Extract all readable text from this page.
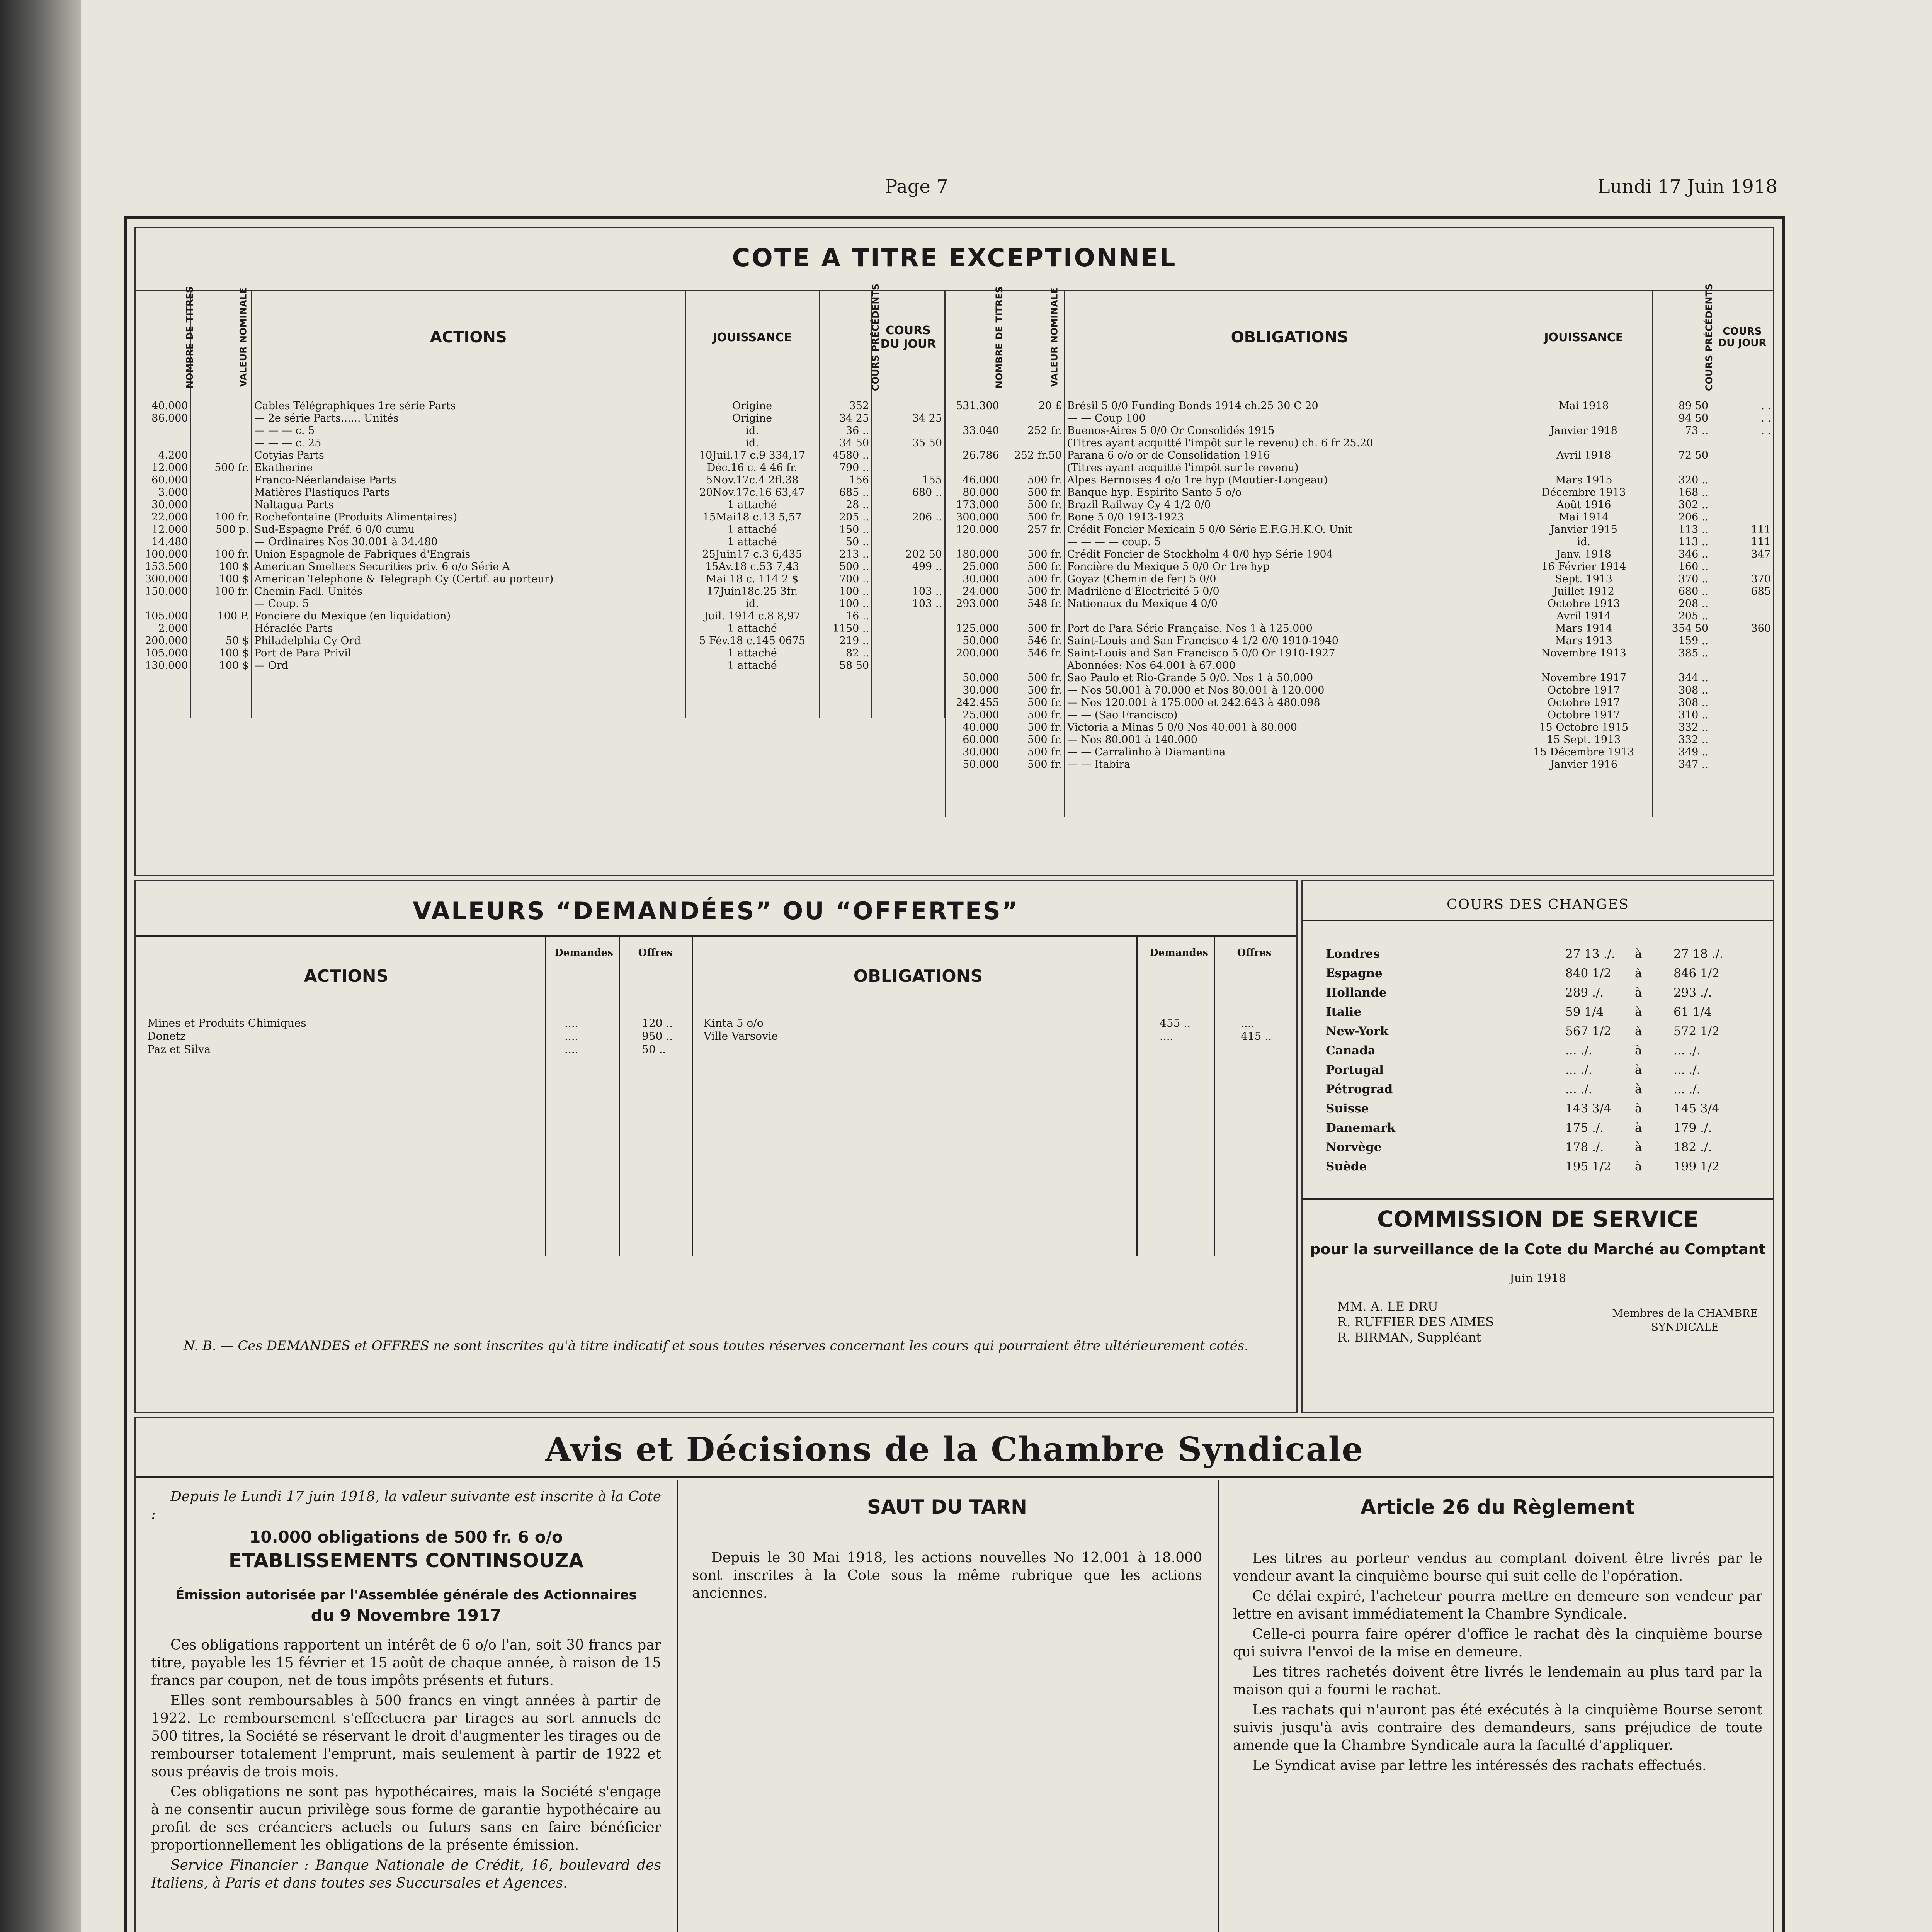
Page 7	Lundi 17 Juin 1918
COTE A TITRE EXCEPTIONNEL
NOMBRE DE TITRES	VALEUR NOMINALE	ACTIONS	JOUISSANCE	COURS PRÉCÉDENTS	COURS DU JOUR
40.000		Cables Télégraphiques 1re série Parts	Origine	352	
86.000		— 2e série Parts...... Unités	Origine	34 25	34 25
		— — — c. 5	id.	36 ..	
		— — — c. 25	id.	34 50	35 50
4.200		Cotyias Parts	10Juil.17 c.9 334,17	4580 ..	
12.000	500 fr.	Ekatherine	Déc.16 c. 4 46 fr.	790 ..	
60.000		Franco-Néerlandaise Parts	5Nov.17c.4 2fl.38	156	155
3.000		Matières Plastiques Parts	20Nov.17c.16 63,47	685 ..	680 ..
30.000		Naltagua Parts	1 attaché	28 ..	
22.000	100 fr.	Rochefontaine (Produits Alimentaires)	15Mai18 c.13 5,57	205 ..	206 ..
12.000	500 p.	Sud-Espagne Préf. 6 0/0 cumu	1 attaché	150 ..	
14.480		— Ordinaires Nos 30.001 à 34.480	1 attaché	50 ..	
100.000	100 fr.	Union Espagnole de Fabriques d'Engrais	25Juin17 c.3 6,435	213 ..	202 50

153.500	100 $	American Smelters Securities priv. 6 o/o Série A	15Av.18 c.53 7,43	500 ..	499 ..
300.000	100 $	American Telephone & Telegraph Cy (Certif. au porteur)	Mai 18 c. 114 2 $	700 ..	
150.000	100 fr.	Chemin Fadl. Unités	17Juin18c.25 3fr.	100 ..	103 ..
		— Coup. 5	id.	100 ..	103 ..
105.000	100 P.	Fonciere du Mexique (en liquidation)	Juil. 1914 c.8 8,97	16 ..	
2.000		Héraclée Parts	1 attaché	1150 ..	
200.000	50 $	Philadelphia Cy Ord	5 Fév.18 c.145 0675	219 ..	
105.000	100 $	Port de Para Privil	1 attaché	82 ..	
130.000	100 $	— Ord	1 attaché	58 50	

NOMBRE DE TITRES	VALEUR NOMINALE	OBLIGATIONS	JOUISSANCE	COURS PRÉCÉDENTS	COURS DU JOUR
531.300	20 £	Brésil 5 0/0 Funding Bonds 1914 ch.25 30 C 20	Mai 1918	89 50	. .
		— — Coup 100		94 50	. .
33.040	252 fr.	Buenos-Aires 5 0/0 Or Consolidés 1915	Janvier 1918	73 ..	. .
		(Titres ayant acquitté l'impôt sur le revenu) ch. 6 fr 25.20			
26.786	252 fr.50	Parana 6 o/o or de Consolidation 1916	Avril 1918	72 50	
		(Titres ayant acquitté l'impôt sur le revenu)			
46.000	500 fr.	Alpes Bernoises 4 o/o 1re hyp (Moutier-Longeau)	Mars 1915	320 ..	
80.000	500 fr.	Banque hyp. Espirito Santo 5 o/o	Décembre 1913	168 ..	
173.000	500 fr.	Brazil Railway Cy 4 1/2 0/0	Août 1916	302 ..	
300.000	500 fr.	Bone 5 0/0 1913-1923	Mai 1914	206 ..	
120.000	257 fr.	Crédit Foncier Mexicain 5 0/0 Série E.F.G.H.K.O. Unit	Janvier 1915	113 ..	111
		— — — — coup. 5	id.	113 ..	111
180.000	500 fr.	Crédit Foncier de Stockholm 4 0/0 hyp Série 1904	Janv. 1918	346 ..	347
25.000	500 fr.	Foncière du Mexique 5 0/0 Or 1re hyp	16 Février 1914	160 ..	
30.000	500 fr.	Goyaz (Chemin de fer) 5 0/0	Sept. 1913	370 ..	370
24.000	500 fr.	Madrilène d'Électricité 5 0/0	Juillet 1912	680 ..	685
293.000	548 fr.	Nationaux du Mexique 4 0/0	Octobre 1913	208 ..	
			Avril 1914	205 ..	
125.000	500 fr.	Port de Para Série Française. Nos 1 à 125.000	Mars 1914	354 50	360
50.000	546 fr.	Saint-Louis and San Francisco 4 1/2 0/0 1910-1940	Mars 1913	159 ..	
200.000	546 fr.	Saint-Louis and San Francisco 5 0/0 Or 1910-1927	Novembre 1913	385 ..	
		Abonnées: Nos 64.001 à 67.000			
50.000	500 fr.	Sao Paulo et Rio-Grande 5 0/0. Nos 1 à 50.000	Novembre 1917	344 ..	
30.000	500 fr.	— Nos 50.001 à 70.000 et Nos 80.001 à 120.000	Octobre 1917	308 ..	
242.455	500 fr.	— Nos 120.001 à 175.000 et 242.643 à 480.098	Octobre 1917	308 ..	
25.000	500 fr.	— — (Sao Francisco)	Octobre 1917	310 ..	
40.000	500 fr.	Victoria a Minas 5 0/0 Nos 40.001 à 80.000	15 Octobre 1915	332 ..	
60.000	500 fr.	— Nos 80.001 à 140.000	15 Sept. 1913	332 ..	
30.000	500 fr.	— — Carralinho à Diamantina	15 Décembre 1913	349 ..	
50.000	500 fr.	— — Itabira	Janvier 1916	347 ..	

VALEURS “DEMANDÉES” OU “OFFERTES”
ACTIONS
Demandes	Offres
Mines et Produits Chimiques	....	120 ..
Donetz	....	950 ..
Paz et Silva	....	50 ..
OBLIGATIONS
Demandes	Offres
Kinta 5 o/o	455 ..	....
Ville Varsovie	....	415 ..
N. B. — Ces DEMANDES et OFFRES ne sont inscrites qu'à titre indicatif et sous toutes réserves concernant les cours qui pourraient être ultérieurement cotés.
COURS DES CHANGES
Londres	27 13 ./. à	27 18 ./.
Espagne	840 1/2 à	846 1/2
Hollande	289 ./.	à	293 ./.
Italie	59 1/4	à	61 1/4
New-York	567 1/2 à	572 1/2
Canada	... ./.	à	... ./.
Portugal	... ./.	à	... ./.
Pétrograd	... ./.	à	... ./.
Suisse	143 3/4 à	145 3/4
Danemark	175 ./.	à	179 ./.
Norvège	178 ./.	à	182 ./.
Suède	195 1/2 à	199 1/2
COMMISSION DE SERVICE
pour la surveillance de la Cote du Marché au Comptant
Juin 1918
MM. A. LE DRU
R. RUFFIER DES AIMES
R. BIRMAN, Suppléant
Membres de la CHAMBRE SYNDICALE
Avis et Décisions de la Chambre Syndicale

Depuis le Lundi 17 juin 1918, la valeur suivante est inscrite à la Cote :

10.000 obligations de 500 fr. 6 o/o
ETABLISSEMENTS CONTINSOUZA
Émission autorisée par l'Assemblée générale des Actionnaires
du 9 Novembre 1917

Ces obligations rapportent un intérêt de 6 o/o l'an, soit 30 francs par titre, payable les 15 février et 15 août de chaque année, à raison de 15 francs par coupon, net de tous impôts présents et futurs.

Elles sont remboursables à 500 francs en vingt années à partir de 1922. Le remboursement s'effectuera par tirages au sort annuels de 500 titres, la Société se réservant le droit d'augmenter les tirages ou de rembourser totalement l'emprunt, mais seulement à partir de 1922 et sous préavis de trois mois.

Ces obligations ne sont pas hypothécaires, mais la Société s'engage à ne consentir aucun privilège sous forme de garantie hypothécaire au profit de ses créanciers actuels ou futurs sans en faire bénéficier proportionnellement les obligations de la présente émission.

Service Financier : Banque Nationale de Crédit, 16, boulevard des Italiens, à Paris et dans toutes ses Succursales et Agences.

SAUT DU TARN

Depuis le 30 Mai 1918, les actions nouvelles No 12.001 à 18.000 sont inscrites à la Cote sous la même rubrique que les actions anciennes.

Article 26 du Règlement

Les titres au porteur vendus au comptant doivent être livrés par le vendeur avant la cinquième bourse qui suit celle de l'opération.

Ce délai expiré, l'acheteur pourra mettre en demeure son vendeur par lettre en avisant immédiatement la Chambre Syndicale.

Celle-ci pourra faire opérer d'office le rachat dès la cinquième bourse qui suivra l'envoi de la mise en demeure.

Les titres rachetés doivent être livrés le lendemain au plus tard par la maison qui a fourni le rachat.

Les rachats qui n'auront pas été exécutés à la cinquième Bourse seront suivis jusqu'à avis contraire des demandeurs, sans préjudice de toute amende que la Chambre Syndicale aura la faculté d'appliquer.

Le Syndicat avise par lettre les intéressés des rachats effectués.
